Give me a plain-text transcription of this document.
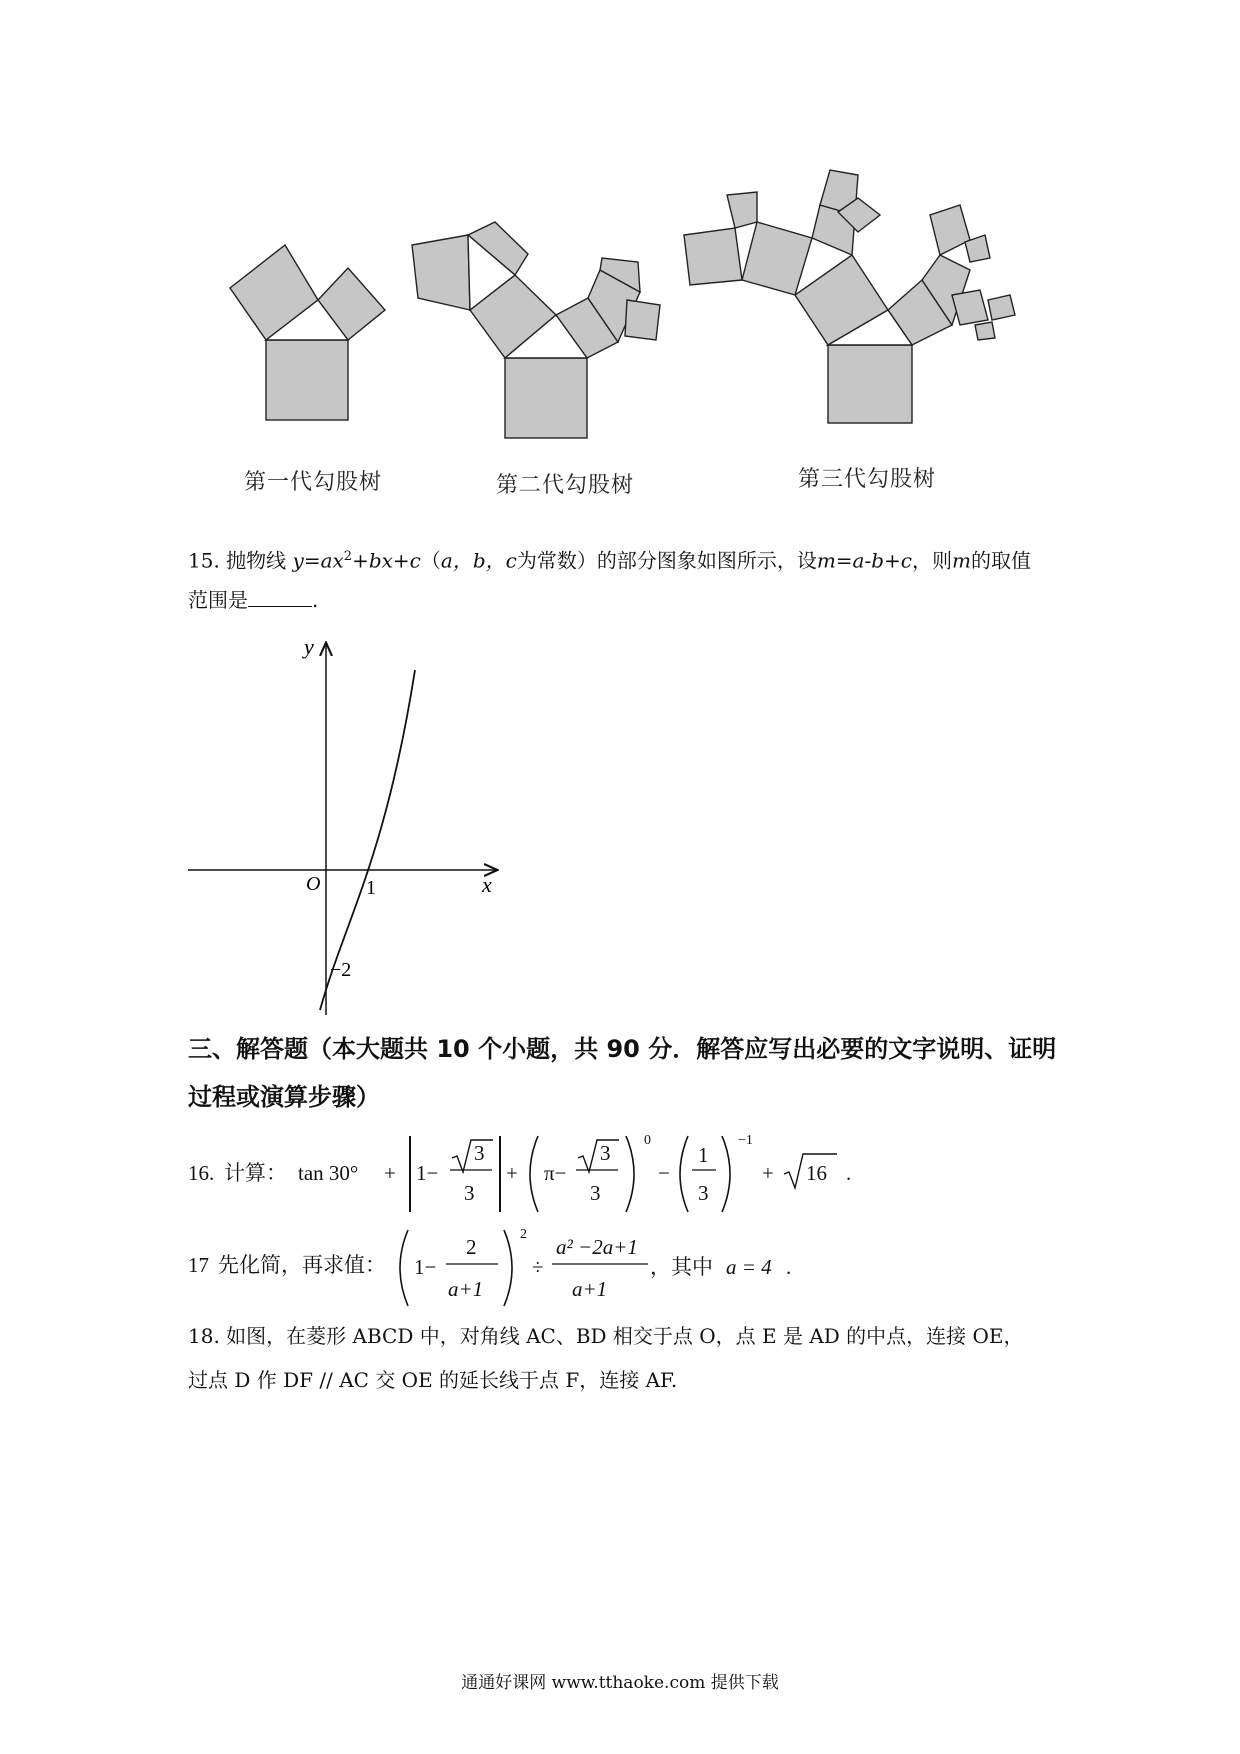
第一代勾股树	第二代勾股树	第三代勾股树
15. 抛物线 $y=ax^2+bx+c(a$，b，c为常数）的部分图象如图所示，设m=a-b+c，则m的取值
范围是	.
y
x
O 1
−2
三、解答题（本大题共 10 个小题，共 90 分．解答应写出必要的文字说明、证明
过程或演算步骤）
16. 计算： tan 30° + 1−
3
3
+ π−
3
3
0
−
1
3
−1
+ 16 .
17 先化简，再求值： 1−
2
a+1
2
÷
a² −2a+1
a+1
，其中 a = 4 .
18. 如图，在菱形 ABCD 中，对角线 AC、BD 相交于点 O，点 E 是 AD 的中点，连接 OE，
过点 D 作 DF // AC 交 OE 的延长线于点 F，连接 AF.
通通好课网 www.tthaoke.com 提供下载
